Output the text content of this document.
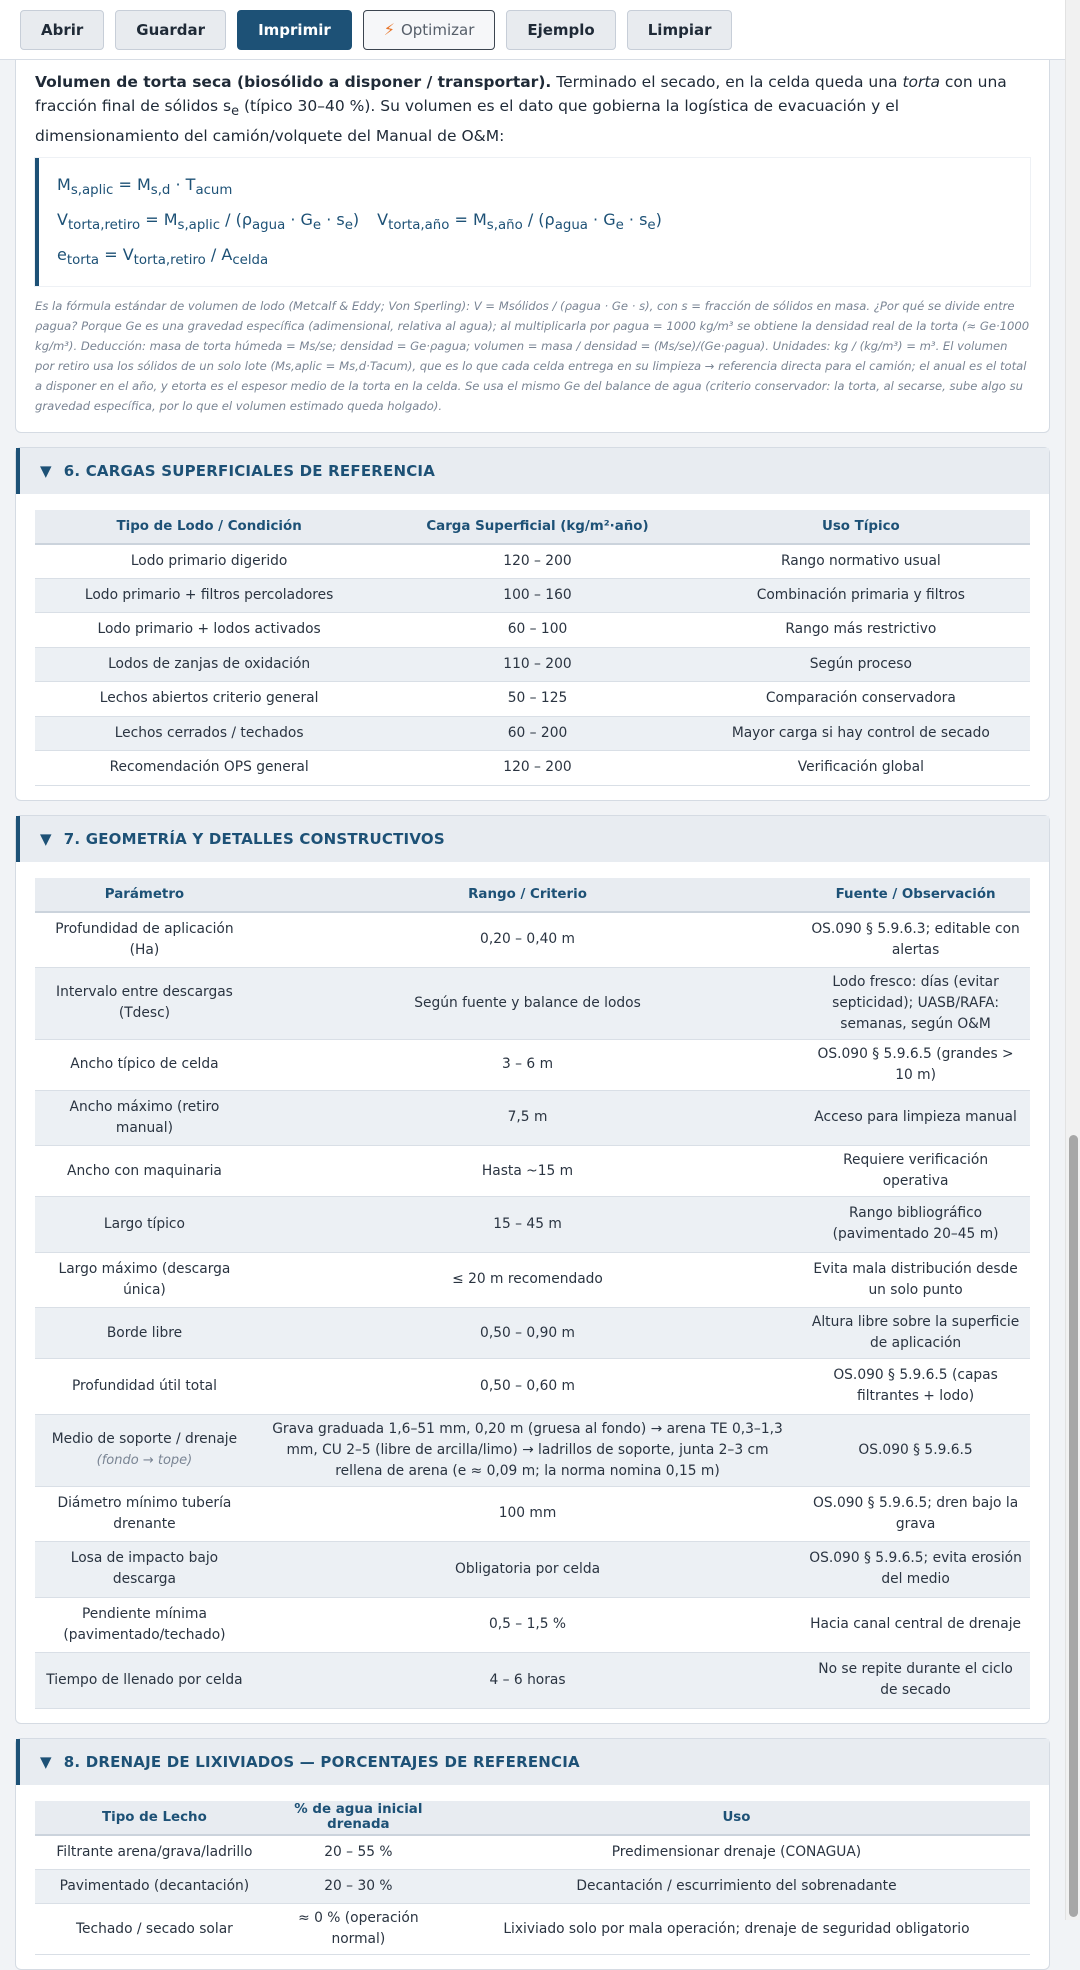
Abrir	Guardar	Imprimir	⚡ Optimizar	Ejemplo	Limpiar

Volumen de torta seca (biosólido a disponer / transportar). Terminado el secado, en la celda queda una torta con una fracción final de sólidos $s_e$ (típico 30–40 %). Su volumen es el dato que gobierna la logística de evacuación y el dimensionamiento del camión/volquete del Manual de O&M:

$M_{s,aplic} = M_{s,d} \cdot T_{acum}$
$V_{torta,retiro} = M_{s,aplic} / (\rho_{agua} \cdot G_e \cdot s_e) V_{torta,año} = M_{s,año} / (\rho_{agua} \cdot G_e \cdot s_e)$
$e_{torta} = V_{torta,retiro} / A_{celda}$

Es la fórmula estándar de volumen de lodo (Metcalf & Eddy; Von Sperling): V = Msólidos / (ρagua · Ge · s), con s = fracción de sólidos en masa. ¿Por qué se divide entre ρagua? Porque Ge es una gravedad específica (adimensional, relativa al agua); al multiplicarla por ρagua = 1000 kg/m³ se obtiene la densidad real de la torta (≈ Ge·1000 kg/m³). Deducción: masa de torta húmeda = Ms/se; densidad = Ge·ρagua; volumen = masa / densidad = (Ms/se)/(Ge·ρagua). Unidades: kg / (kg/m³) = m³. El volumen por retiro usa los sólidos de un solo lote (Ms,aplic = Ms,d·Tacum), que es lo que cada celda entrega en su limpieza → referencia directa para el camión; el anual es el total a disponer en el año, y etorta es el espesor medio de la torta en la celda. Se usa el mismo Ge del balance de agua (criterio conservador: la torta, al secarse, sube algo su gravedad específica, por lo que el volumen estimado queda holgado).

▼ 6. CARGAS SUPERFICIALES DE REFERENCIA
Tipo de Lodo / Condición	Carga Superficial (kg/m²·año)	Uso Típico
Lodo primario digerido	120 – 200	Rango normativo usual
Lodo primario + filtros percoladores	100 – 160	Combinación primaria y filtros
Lodo primario + lodos activados	60 – 100	Rango más restrictivo
Lodos de zanjas de oxidación	110 – 200	Según proceso
Lechos abiertos criterio general	50 – 125	Comparación conservadora
Lechos cerrados / techados	60 – 200	Mayor carga si hay control de secado
Recomendación OPS general	120 – 200	Verificación global
▼ 7. GEOMETRÍA Y DETALLES CONSTRUCTIVOS
Parámetro	Rango / Criterio	Fuente / Observación
Profundidad de aplicación (Ha)	0,20 – 0,40 m	OS.090 § 5.9.6.3; editable con alertas
Intervalo entre descargas (Tdesc)	Según fuente y balance de lodos	Lodo fresco: días (evitar septicidad); UASB/RAFA: semanas, según O&M
Ancho típico de celda	3 – 6 m	OS.090 § 5.9.6.5 (grandes > 10 m)
Ancho máximo (retiro manual)	7,5 m	Acceso para limpieza manual
Ancho con maquinaria	Hasta ~15 m	Requiere verificación operativa
Largo típico	15 – 45 m	Rango bibliográfico (pavimentado 20–45 m)
Largo máximo (descarga única)	≤ 20 m recomendado	Evita mala distribución desde un solo punto
Borde libre	0,50 – 0,90 m	Altura libre sobre la superficie de aplicación
Profundidad útil total	0,50 – 0,60 m	OS.090 § 5.9.6.5 (capas filtrantes + lodo)
Medio de soporte / drenaje
(fondo → tope)	Grava graduada 1,6–51 mm, 0,20 m (gruesa al fondo) → arena TE 0,3–1,3 mm, CU 2–5 (libre de arcilla/limo) → ladrillos de soporte, junta 2–3 cm rellena de arena (e ≈ 0,09 m; la norma nomina 0,15 m)	OS.090 § 5.9.6.5
Diámetro mínimo tubería drenante	100 mm	OS.090 § 5.9.6.5; dren bajo la grava
Losa de impacto bajo descarga	Obligatoria por celda	OS.090 § 5.9.6.5; evita erosión del medio
Pendiente mínima (pavimentado/techado)	0,5 – 1,5 %	Hacia canal central de drenaje
Tiempo de llenado por celda	4 – 6 horas	No se repite durante el ciclo de secado
▼ 8. DRENAJE DE LIXIVIADOS — PORCENTAJES DE REFERENCIA
Tipo de Lecho	% de agua inicial drenada	Uso
Filtrante arena/grava/ladrillo	20 – 55 %	Predimensionar drenaje (CONAGUA)
Pavimentado (decantación)	20 – 30 %	Decantación / escurrimiento del sobrenadante
Techado / secado solar	≈ 0 % (operación normal)	Lixiviado solo por mala operación; drenaje de seguridad obligatorio
